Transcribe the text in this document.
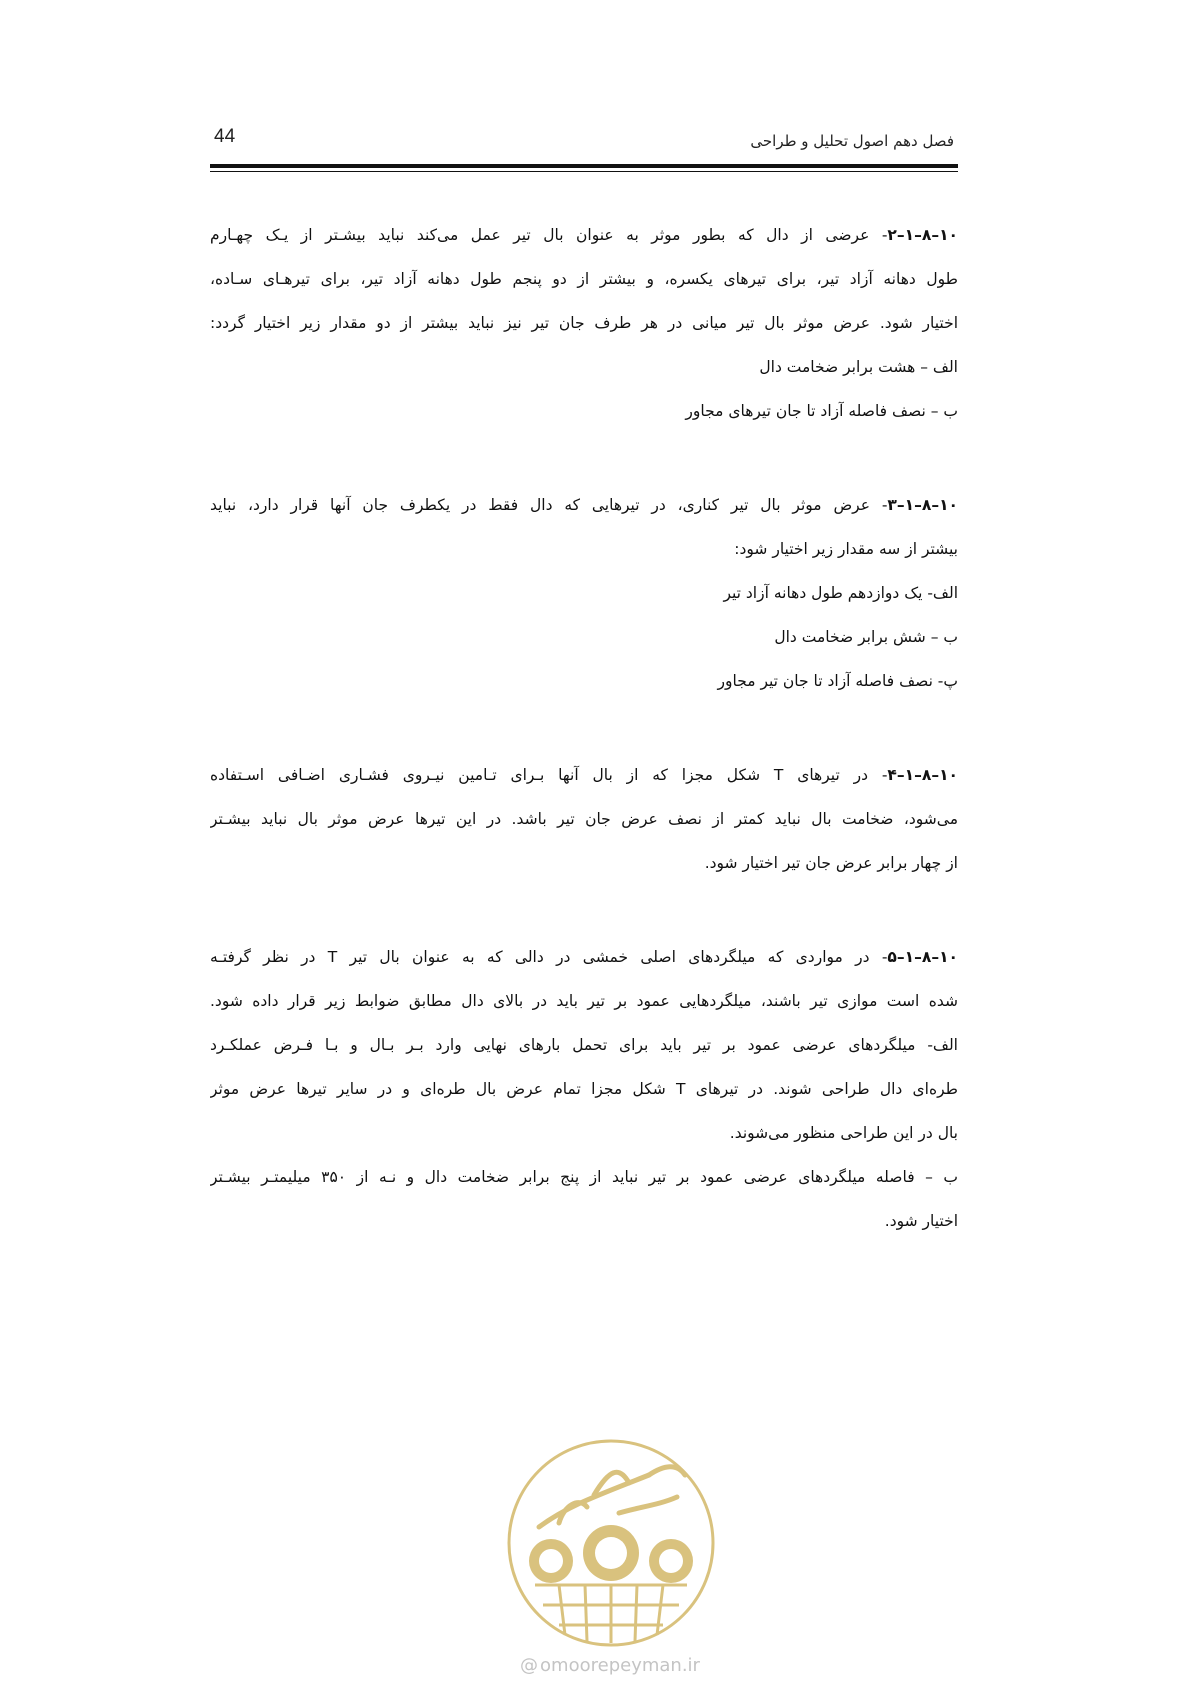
44	فصل دهم اصول تحلیل و طراحی
۱۰–۸–۱–۲- عرضی از دال که بطور موثر به عنوان بال تیر عمل می‌کند نباید بیشـتر از یـک چهـارم
طول دهانه آزاد تیر، برای تیرهای یکسره، و بیشتر از دو پنجم طول دهانه آزاد تیر، برای تیرهـای سـاده،
اختیار شود. عرض موثر بال تیر میانی در هر طرف جان تیر نیز نباید بیشتر از دو مقدار زیر اختیار گردد:
الف – هشت برابر ضخامت دال
ب – نصف فاصله آزاد تا جان تیرهای مجاور
۱۰–۸–۱–۳- عرض موثر بال تیر کناری، در تیرهایی که دال فقط در یکطرف جان آنها قرار دارد، نباید
بیشتر از سه مقدار زیر اختیار شود:
الف- یک دوازدهم طول دهانه آزاد تیر
ب – شش برابر ضخامت دال
پ- نصف فاصله آزاد تا جان تیر مجاور
۱۰–۸–۱–۴- در تیرهای T شکل مجزا که از بال آنها بـرای تـامین نیـروی فشـاری اضـافی اسـتفاده
می‌شود، ضخامت بال نباید کمتر از نصف عرض جان تیر باشد. در این تیرها عرض موثر بال نباید بیشـتر
از چهار برابر عرض جان تیر اختیار شود.
۱۰–۸–۱–۵- در مواردی که میلگردهای اصلی خمشی در دالی که به عنوان بال تیر T در نظر گرفتـه
شده است موازی تیر باشند، میلگردهایی عمود بر تیر باید در بالای دال مطابق ضوابط زیر قرار داده شود.
الف- میلگردهای عرضی عمود بر تیر باید برای تحمل بارهای نهایی وارد بـر بـال و بـا فـرض عملکـرد
طره‌ای دال طراحی شوند. در تیرهای T شکل مجزا تمام عرض بال طره‌ای و در سایر تیرها عرض موثر
بال در این طراحی منظور می‌شوند.
ب – فاصله میلگردهای عرضی عمود بر تیر نباید از پنج برابر ضخامت دال و نـه از ۳۵۰ میلیمتـر بیشـتر
اختیار شود.
@ omoorepeyman.ir
